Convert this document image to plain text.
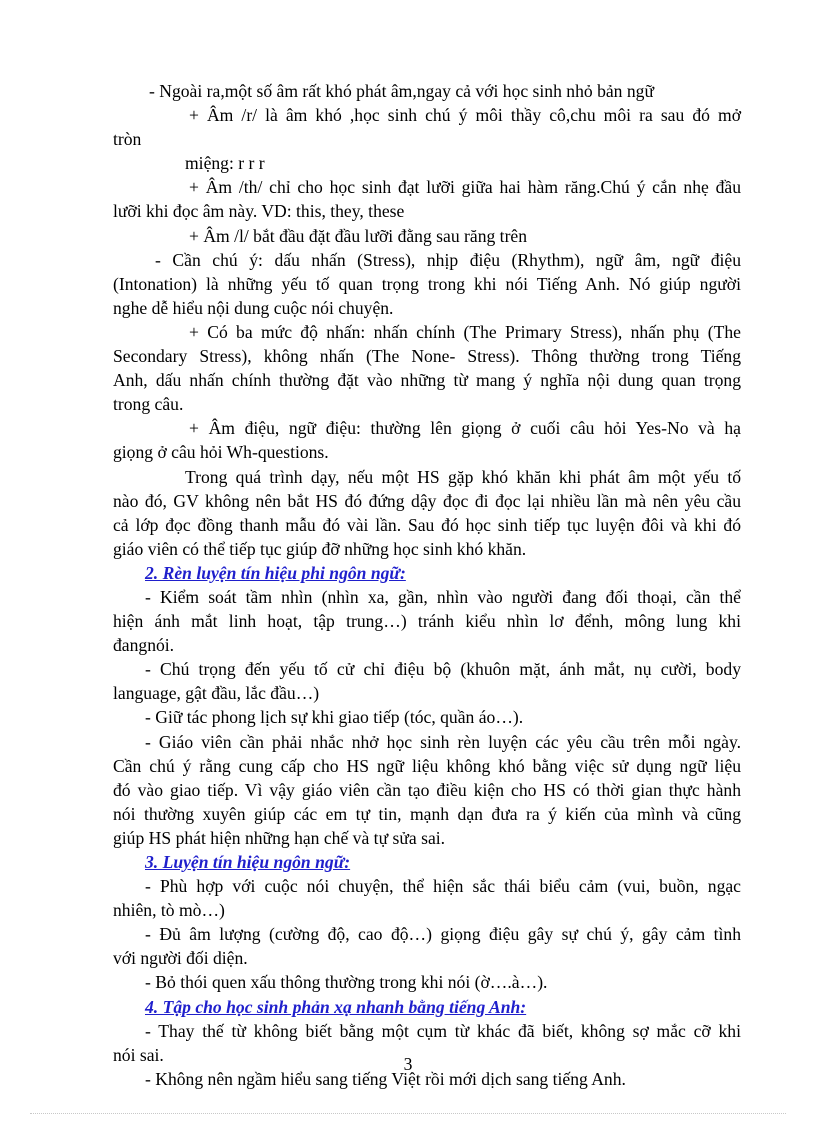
- Ngoài ra,một số âm rất khó phát âm,ngay cả với học sinh nhỏ bản ngữ

+ Âm /r/ là âm khó ,học sinh chú ý môi thầy cô,chu môi ra sau đó mở

tròn

miệng: r r r

+ Âm /th/ chỉ cho học sinh đạt lưỡi giữa hai hàm răng.Chú ý cắn nhẹ đầu

lưỡi khi đọc âm này. VD: this, they, these

+ Âm /l/ bắt đầu đặt đầu lưỡi đằng sau răng trên

- Cần chú ý: dấu nhấn (Stress), nhịp điệu (Rhythm), ngữ âm, ngữ điệu

(Intonation) là những yếu tố quan trọng trong khi nói Tiếng Anh. Nó giúp người

nghe dễ hiểu nội dung cuộc nói chuyện.

+ Có ba mức độ nhấn: nhấn chính (The Primary Stress), nhấn phụ (The

Secondary Stress), không nhấn (The None- Stress). Thông thường trong Tiếng

Anh, dấu nhấn chính thường đặt vào những từ mang ý nghĩa nội dung quan trọng

trong câu.

+ Âm điệu, ngữ điệu: thường lên giọng ở cuối câu hỏi Yes-No và hạ

giọng ở câu hỏi Wh-questions.

Trong quá trình dạy, nếu một HS gặp khó khăn khi phát âm một yếu tố

nào đó, GV không nên bắt HS đó đứng dậy đọc đi đọc lại nhiều lần mà nên yêu cầu

cả lớp đọc đồng thanh mẫu đó vài lần. Sau đó học sinh tiếp tục luyện đôi và khi đó

giáo viên có thể tiếp tục giúp đỡ những học sinh khó khăn.

2. Rèn luyện tín hiệu phi ngôn ngữ:

- Kiểm soát tầm nhìn (nhìn xa, gần, nhìn vào người đang đối thoại, cần thể

hiện ánh mắt linh hoạt, tập trung…) tránh kiểu nhìn lơ đểnh, mông lung khi

đangnói.

- Chú trọng đến yếu tố cử chỉ điệu bộ (khuôn mặt, ánh mắt, nụ cười, body

language, gật đầu, lắc đầu…)

- Giữ tác phong lịch sự khi giao tiếp (tóc, quần áo…).

- Giáo viên cần phải nhắc nhở học sinh rèn luyện các yêu cầu trên mỗi ngày.

Cần chú ý rằng cung cấp cho HS ngữ liệu không khó bằng việc sử dụng ngữ liệu

đó vào giao tiếp. Vì vậy giáo viên cần tạo điều kiện cho HS có thời gian thực hành

nói thường xuyên giúp các em tự tin, mạnh dạn đưa ra ý kiến của mình và cũng

giúp HS phát hiện những hạn chế và tự sửa sai.

3. Luyện tín hiệu ngôn ngữ:

- Phù hợp với cuộc nói chuyện, thể hiện sắc thái biểu cảm (vui, buồn, ngạc

nhiên, tò mò…)

- Đủ âm lượng (cường độ, cao độ…) giọng điệu gây sự chú ý, gây cảm tình

với người đối diện.

- Bỏ thói quen xấu thông thường trong khi nói (ờ….à…).

4. Tập cho học sinh phản xạ nhanh bằng tiếng Anh:

- Thay thế từ không biết bằng một cụm từ khác đã biết, không sợ mắc cỡ khi

nói sai.

- Không nên ngầm hiểu sang tiếng Việt rồi mới dịch sang tiếng Anh.

3
